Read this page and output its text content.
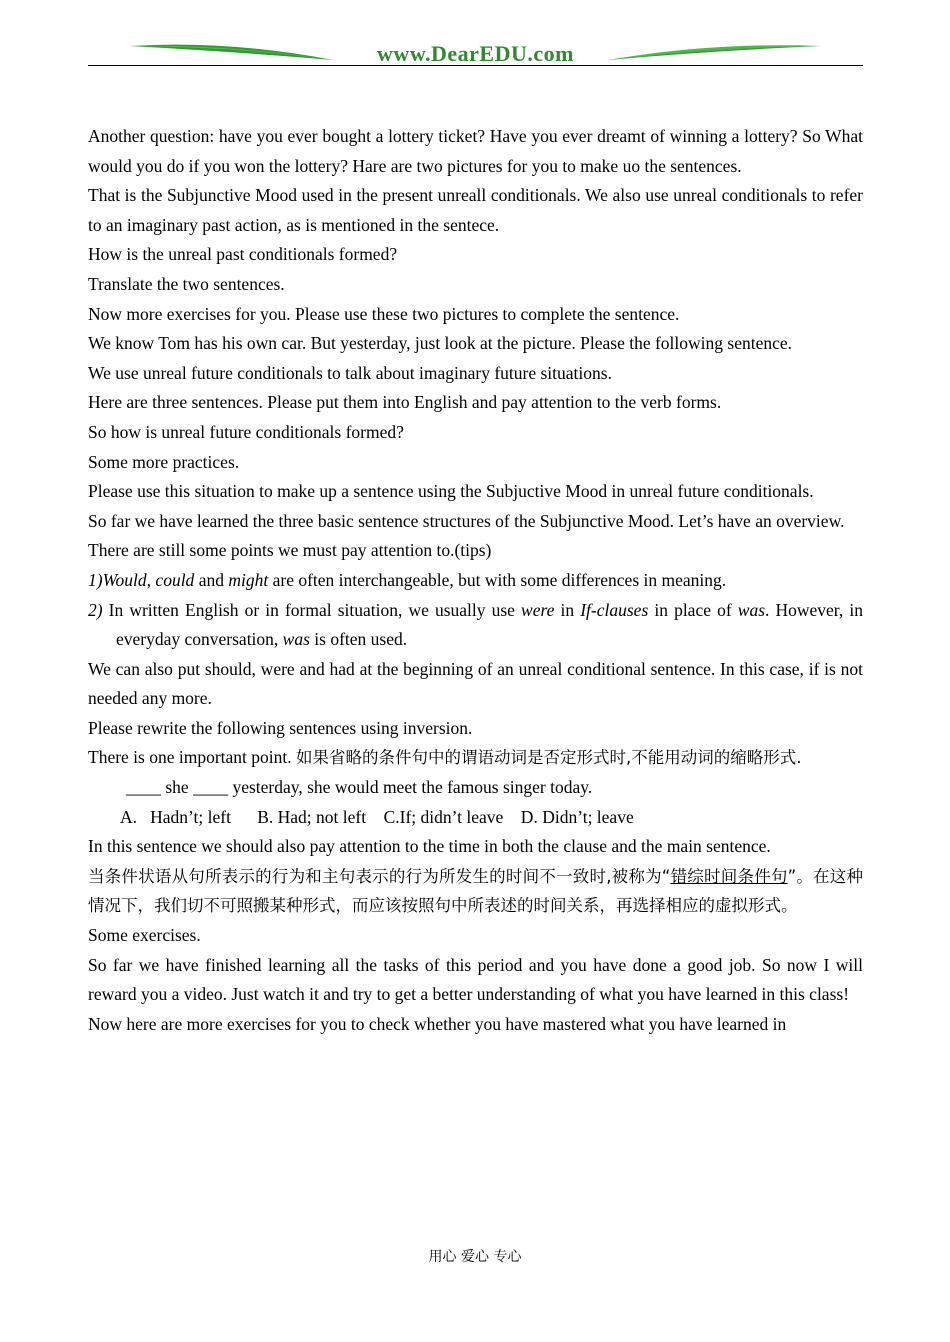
www.DearEDU.com

Another question: have you ever bought a lottery ticket? Have you ever dreamt of winning a lottery? So What would you do if you won the lottery? Hare are two pictures for you to make uo the sentences.

That is the Subjunctive Mood used in the present unreall conditionals. We also use unreal conditionals to refer to an imaginary past action, as is mentioned in the sentece.

How is the unreal past conditionals formed?

Translate the two sentences.

Now more exercises for you. Please use these two pictures to complete the sentence.

We know Tom has his own car. But yesterday, just look at the picture. Please the following sentence.

We use unreal future conditionals to talk about imaginary future situations.

Here are three sentences. Please put them into English and pay attention to the verb forms.

So how is unreal future conditionals formed?

Some more practices.

Please use this situation to make up a sentence using the Subjuctive Mood in unreal future conditionals.

So far we have learned the three basic sentence structures of the Subjunctive Mood. Let’s have an overview.

There are still some points we must pay attention to.(tips)

1)Would, could and might are often interchangeable, but with some differences in meaning.

2) In written English or in formal situation, we usually use were in If-clauses in place of was. However, in everyday conversation, was is often used.

We can also put should, were and had at the beginning of an unreal conditional sentence. In this case, if is not needed any more.

Please rewrite the following sentences using inversion.

There is one important point. 如果省略的条件句中的谓语动词是否定形式时,不能用动词的缩略形式.

____ she ____ yesterday, she would meet the famous singer today.

A.   Hadn’t; left      B. Had; not left    C.If; didn’t leave    D. Didn’t; leave

In this sentence we should also pay attention to the time in both the clause and the main sentence.

当条件状语从句所表示的行为和主句表示的行为所发生的时间不一致时,被称为“错综时间条件句”。在这种情况下，我们切不可照搬某种形式，而应该按照句中所表述的时间关系，再选择相应的虚拟形式。

Some exercises.

So far we have finished learning all the tasks of this period and you have done a good job. So now I will reward you a video. Just watch it and try to get a better understanding of what you have learned in this class!

Now here are more exercises for you to check whether you have mastered what you have learned in

用心 爱心 专心
